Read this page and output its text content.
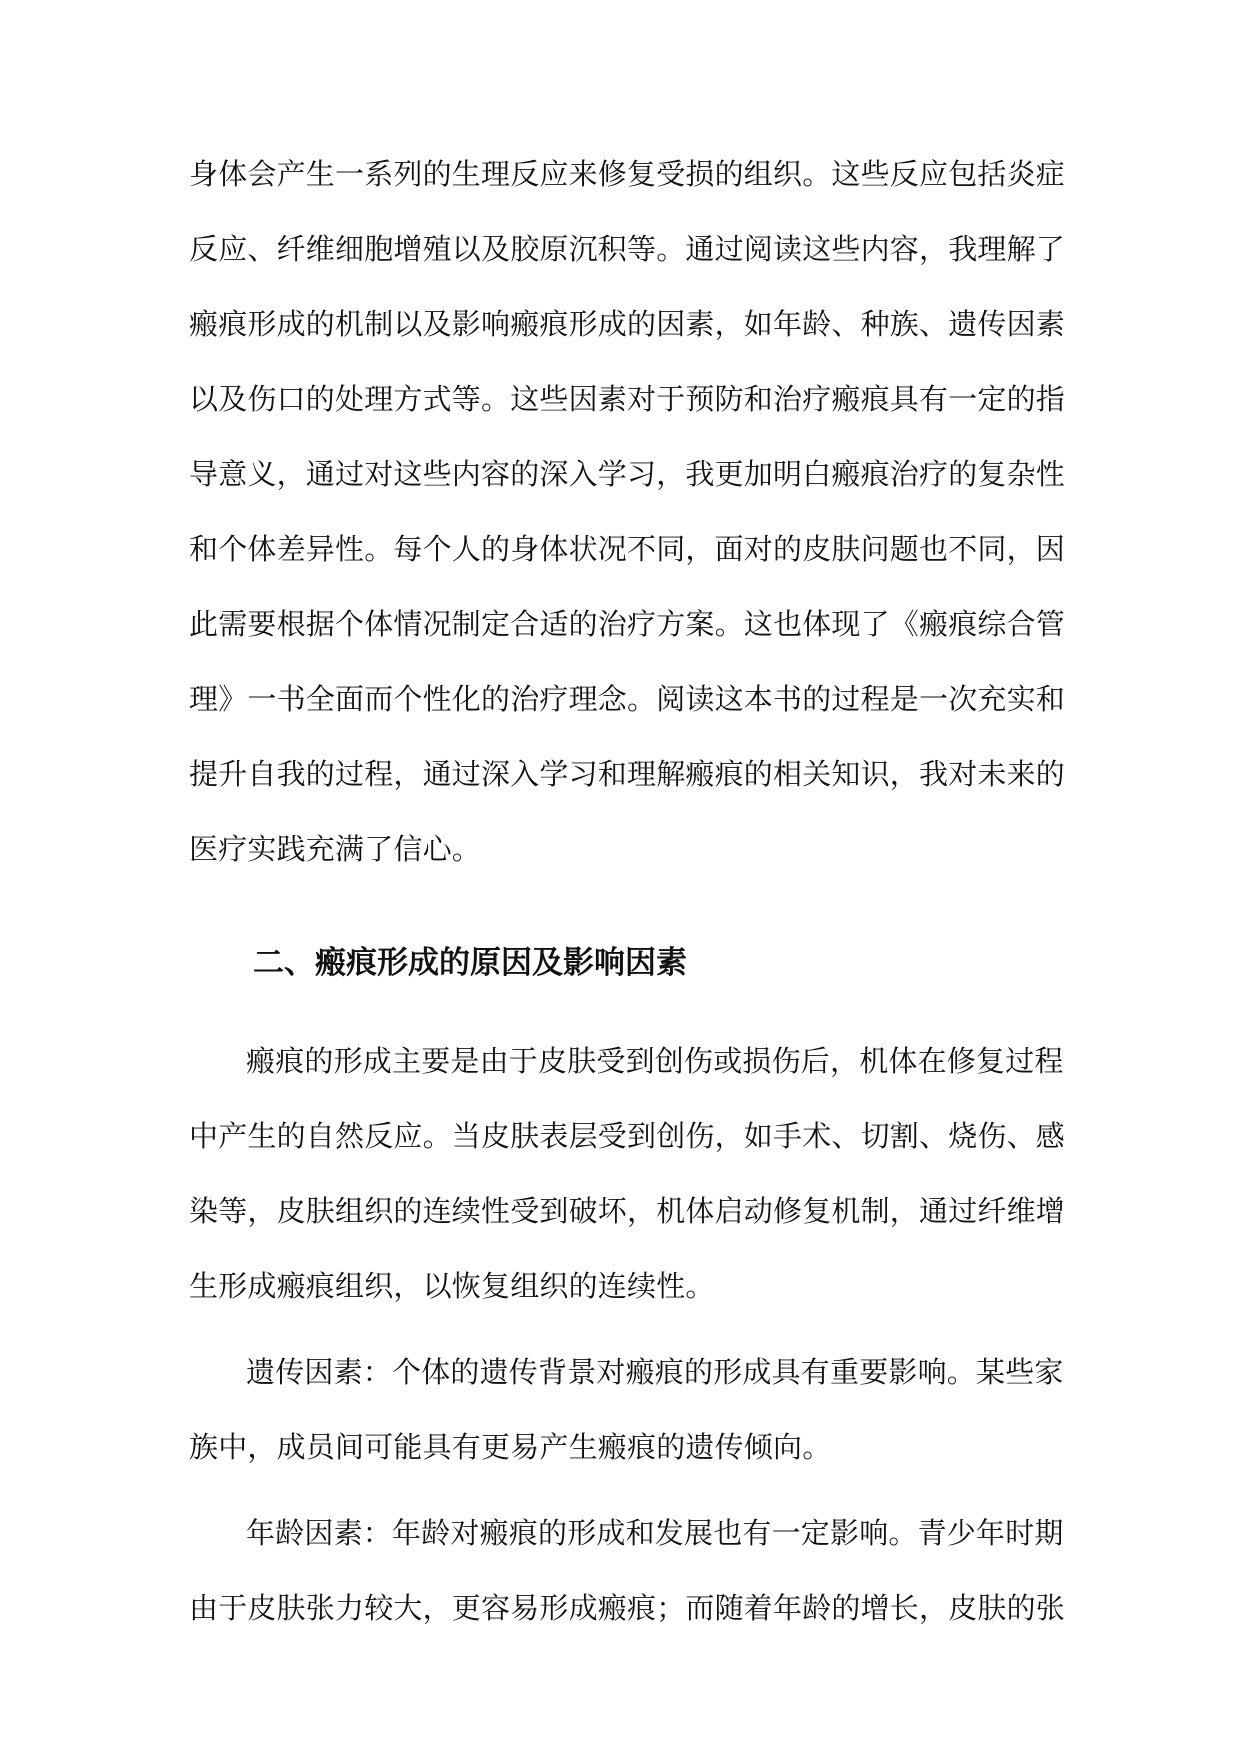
身体会产生一系列的生理反应来修复受损的组织。这些反应包括炎症
反应、纤维细胞增殖以及胶原沉积等。通过阅读这些内容，我理解了
瘢痕形成的机制以及影响瘢痕形成的因素，如年龄、种族、遗传因素
以及伤口的处理方式等。这些因素对于预防和治疗瘢痕具有一定的指
导意义，通过对这些内容的深入学习，我更加明白瘢痕治疗的复杂性
和个体差异性。每个人的身体状况不同，面对的皮肤问题也不同，因
此需要根据个体情况制定合适的治疗方案。这也体现了《瘢痕综合管
理》一书全面而个性化的治疗理念。阅读这本书的过程是一次充实和
提升自我的过程，通过深入学习和理解瘢痕的相关知识，我对未来的
医疗实践充满了信心。
二、瘢痕形成的原因及影响因素
瘢痕的形成主要是由于皮肤受到创伤或损伤后，机体在修复过程
中产生的自然反应。当皮肤表层受到创伤，如手术、切割、烧伤、感
染等，皮肤组织的连续性受到破坏，机体启动修复机制，通过纤维增
生形成瘢痕组织，以恢复组织的连续性。
遗传因素：个体的遗传背景对瘢痕的形成具有重要影响。某些家
族中，成员间可能具有更易产生瘢痕的遗传倾向。
年龄因素：年龄对瘢痕的形成和发展也有一定影响。青少年时期
由于皮肤张力较大，更容易形成瘢痕；而随着年龄的增长，皮肤的张
